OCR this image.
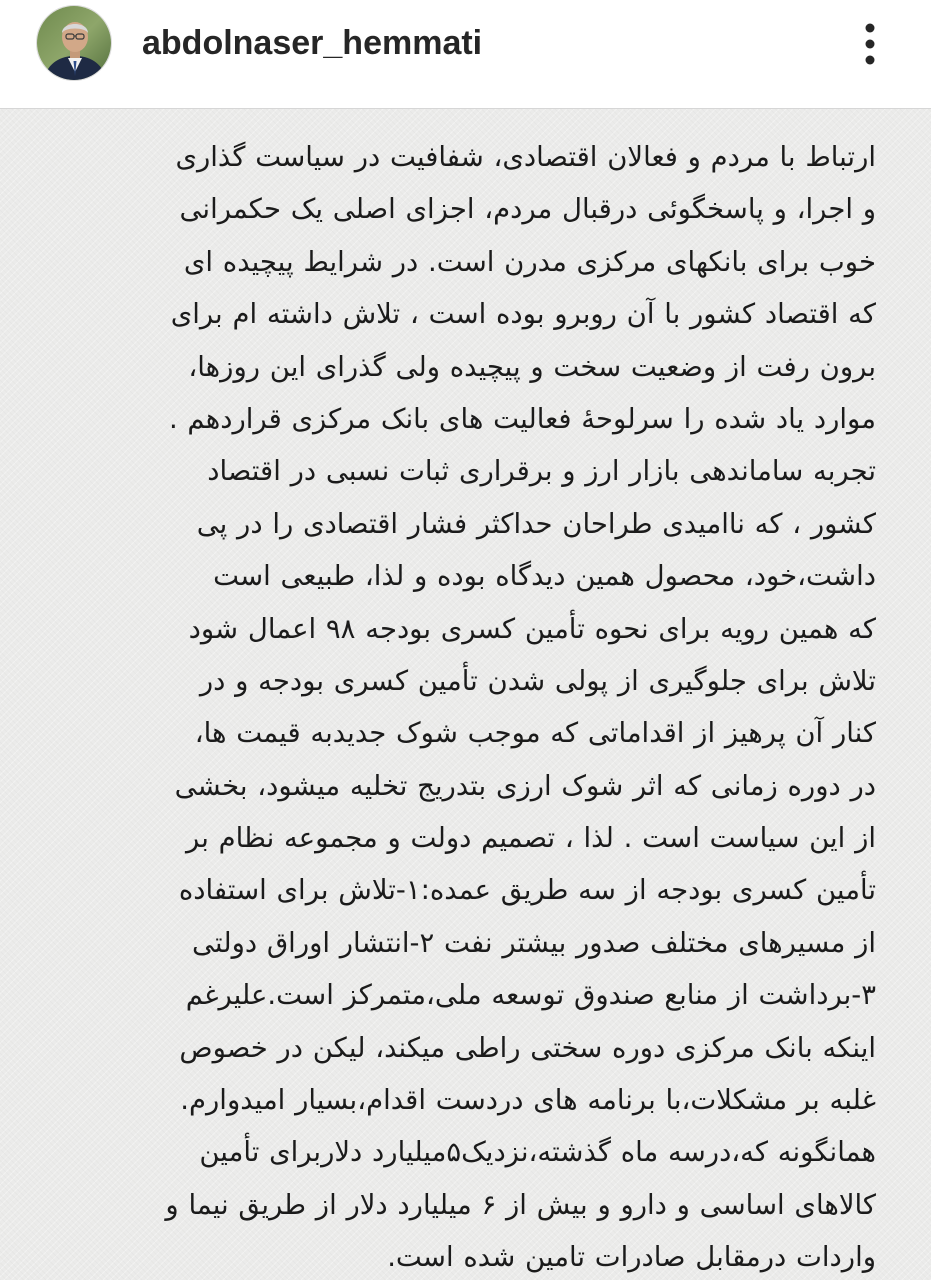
abdolnaser_hemmati

ارتباط با مردم و فعالان اقتصادی، شفافیت در سیاست گذاری
و اجرا، و پاسخگوئی درقبال مردم، اجزای اصلی یک حکمرانی
خوب برای بانکهای مرکزی مدرن است. در شرایط پیچیده ای
که اقتصاد کشور با آن روبرو بوده است ، تلاش داشته ام برای
برون رفت از وضعیت سخت و پیچیده ولی گذرای این روزها،
موارد یاد شده را سرلوحۀ فعالیت های بانک مرکزی قراردهم .
تجربه ساماندهی بازار ارز و برقراری ثبات نسبی در اقتصاد
کشور ، که ناامیدی طراحان حداکثر فشار اقتصادی را در پی
داشت،خود، محصول همین دیدگاه بوده و لذا، طبیعی است
که همین رویه برای نحوه تأمین کسری بودجه ۹۸ اعمال شود
تلاش برای جلوگیری از پولی شدن تأمین کسری بودجه و در
کنار آن پرهیز از اقداماتی که موجب شوک جدیدبه قیمت ها،
در دوره زمانی که اثر شوک ارزی بتدریج تخلیه میشود، بخشی
از این سیاست است . لذا ، تصمیم دولت و مجموعه نظام بر
تأمین کسری بودجه از سه طریق عمده:۱-تلاش برای استفاده
از مسیرهای مختلف صدور بیشتر نفت ۲-انتشار اوراق دولتی
۳-برداشت از منابع صندوق توسعه ملی،متمرکز است.علیرغم
اینکه بانک مرکزی دوره سختی راطی میکند، لیکن در خصوص
غلبه بر مشکلات،با برنامه های دردست اقدام،بسیار امیدوارم.
همانگونه که،درسه ماه گذشته،نزدیک۵میلیارد دلاربرای تأمین
کالاهای اساسی و دارو و بیش از ۶ میلیارد دلار از طریق نیما و
واردات درمقابل صادرات تامین شده است.
